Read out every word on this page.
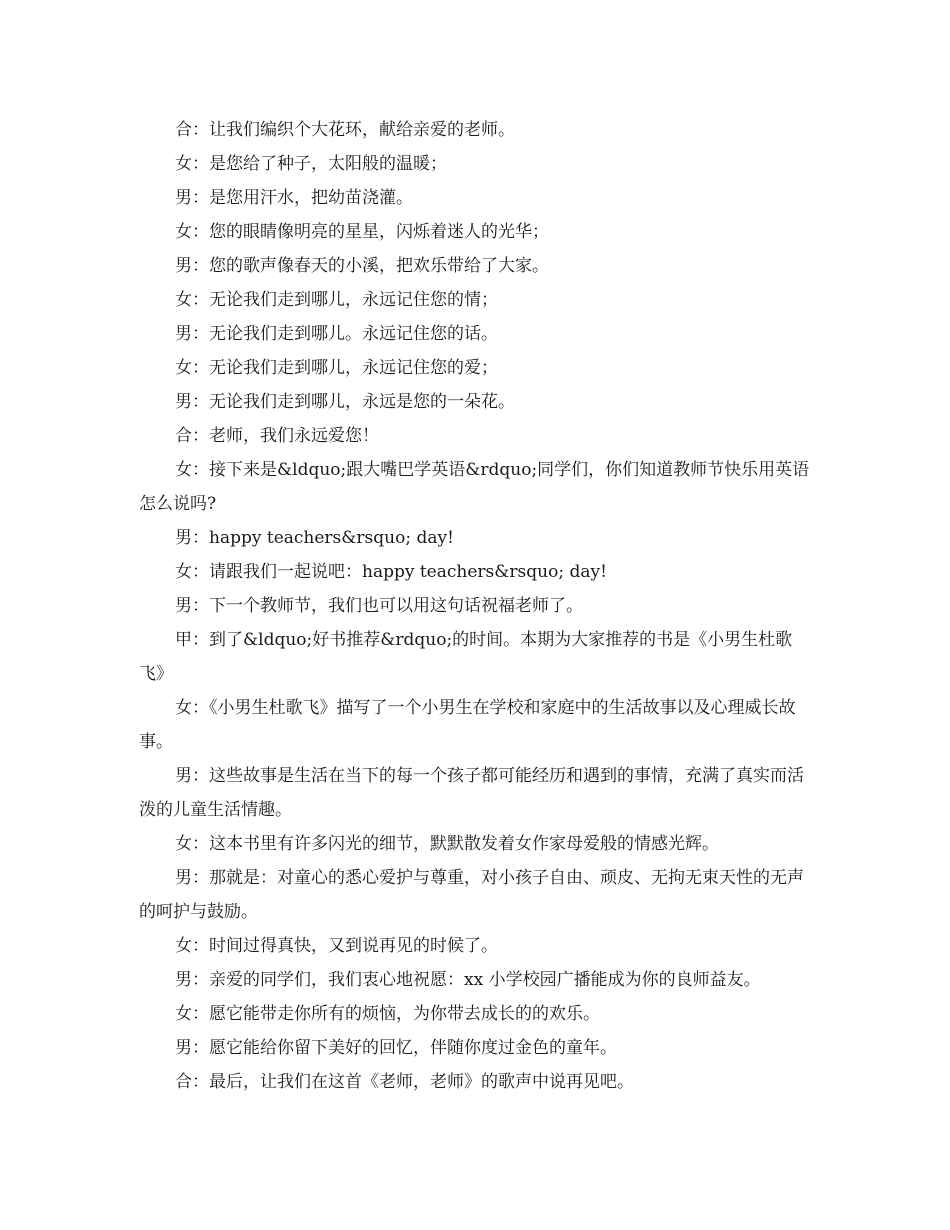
合：让我们编织个大花环，献给亲爱的老师。

女：是您给了种子，太阳般的温暖；

男：是您用汗水，把幼苗浇灌。

女：您的眼睛像明亮的星星，闪烁着迷人的光华；

男：您的歌声像春天的小溪，把欢乐带给了大家。

女：无论我们走到哪儿，永远记住您的情；

男：无论我们走到哪儿。永远记住您的话。

女：无论我们走到哪儿，永远记住您的爱；

男：无论我们走到哪儿，永远是您的一朵花。

合：老师，我们永远爱您！

女：接下来是&ldquo;跟大嘴巴学英语&rdquo;同学们，你们知道教师节快乐用英语怎么说吗?

男：happy teachers&rsquo; day!

女：请跟我们一起说吧：happy teachers&rsquo; day!

男：下一个教师节，我们也可以用这句话祝福老师了。

甲：到了&ldquo;好书推荐&rdquo;的时间。本期为大家推荐的书是《小男生杜歌飞》

女：《小男生杜歌飞》描写了一个小男生在学校和家庭中的生活故事以及心理威长故事。

男：这些故事是生活在当下的每一个孩子都可能经历和遇到的事情，充满了真实而活泼的儿童生活情趣。

女：这本书里有许多闪光的细节，默默散发着女作家母爱般的情感光辉。

男：那就是：对童心的悉心爱护与尊重，对小孩子自由、顽皮、无拘无束天性的无声的呵护与鼓励。

女：时间过得真快，又到说再见的时候了。

男：亲爱的同学们，我们衷心地祝愿：xx 小学校园广播能成为你的良师益友。

女：愿它能带走你所有的烦恼，为你带去成长的的欢乐。

男：愿它能给你留下美好的回忆，伴随你度过金色的童年。

合：最后，让我们在这首《老师，老师》的歌声中说再见吧。
